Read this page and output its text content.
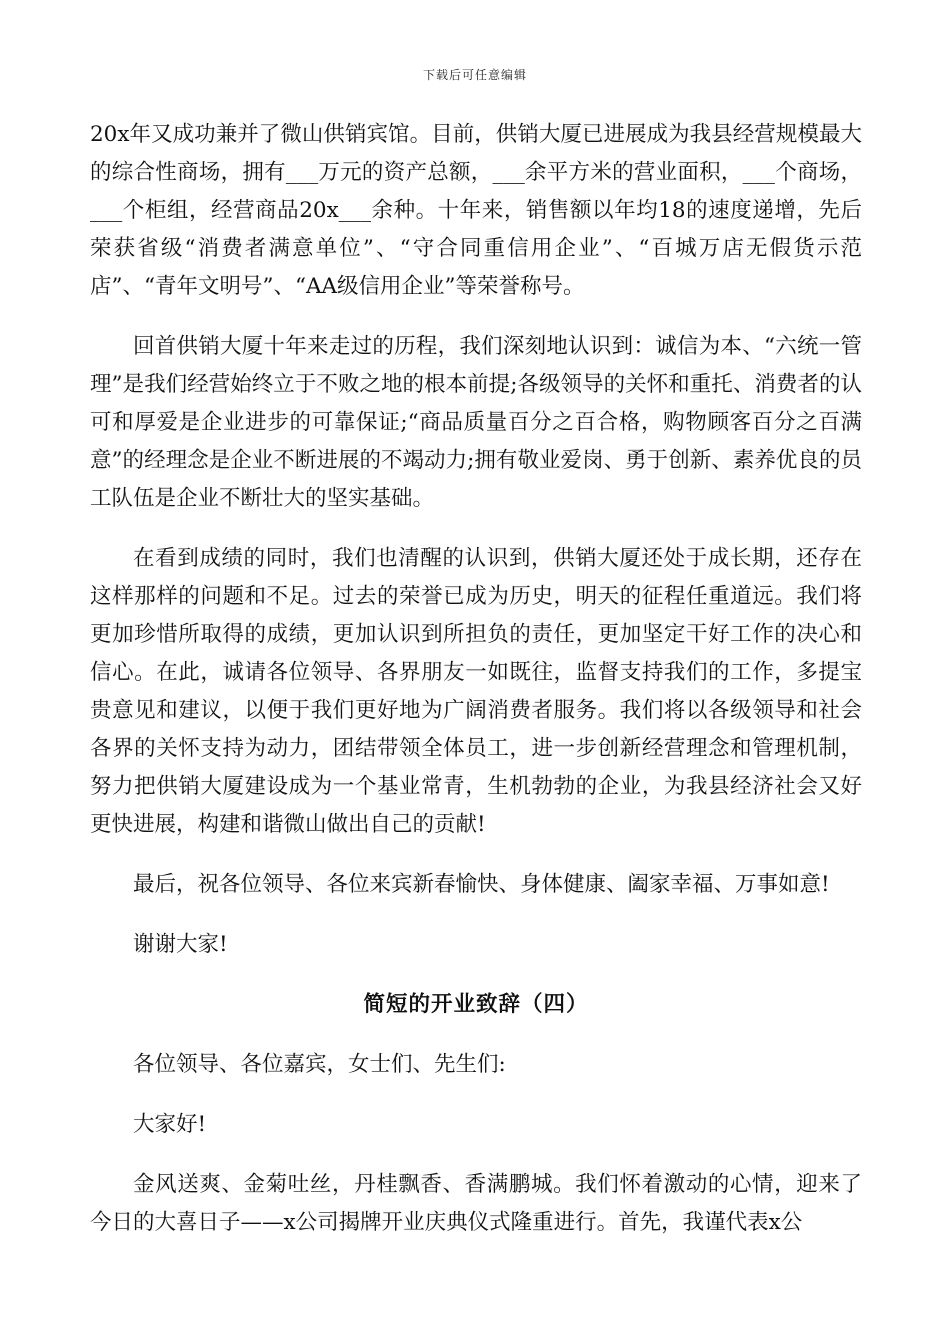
下载后可任意编辑

20x年又成功兼并了微山供销宾馆。目前，供销大厦已进展成为我县经营规模最大的综合性商场，拥有___万元的资产总额，___余平方米的营业面积，___个商场，___个柜组，经营商品20x___余种。十年来，销售额以年均18的速度递增，先后荣获省级“消费者满意单位”、“守合同重信用企业”、“百城万店无假货示范店”、“青年文明号”、“AA级信用企业”等荣誉称号。

回首供销大厦十年来走过的历程，我们深刻地认识到：诚信为本、“六统一管理”是我们经营始终立于不败之地的根本前提;各级领导的关怀和重托、消费者的认可和厚爱是企业进步的可靠保证;“商品质量百分之百合格，购物顾客百分之百满意”的经理念是企业不断进展的不竭动力;拥有敬业爱岗、勇于创新、素养优良的员工队伍是企业不断壮大的坚实基础。

在看到成绩的同时，我们也清醒的认识到，供销大厦还处于成长期，还存在这样那样的问题和不足。过去的荣誉已成为历史，明天的征程任重道远。我们将更加珍惜所取得的成绩，更加认识到所担负的责任，更加坚定干好工作的决心和信心。在此，诚请各位领导、各界朋友一如既往，监督支持我们的工作，多提宝贵意见和建议，以便于我们更好地为广阔消费者服务。我们将以各级领导和社会各界的关怀支持为动力，团结带领全体员工，进一步创新经营理念和管理机制，努力把供销大厦建设成为一个基业常青，生机勃勃的企业，为我县经济社会又好更快进展，构建和谐微山做出自己的贡献!

最后，祝各位领导、各位来宾新春愉快、身体健康、阖家幸福、万事如意!

谢谢大家!

简短的开业致辞（四）

各位领导、各位嘉宾，女士们、先生们:

大家好!

金风送爽、金菊吐丝，丹桂飘香、香满鹏城。我们怀着激动的心情，迎来了今日的大喜日子——x公司揭牌开业庆典仪式隆重进行。首先，我谨代表x公
